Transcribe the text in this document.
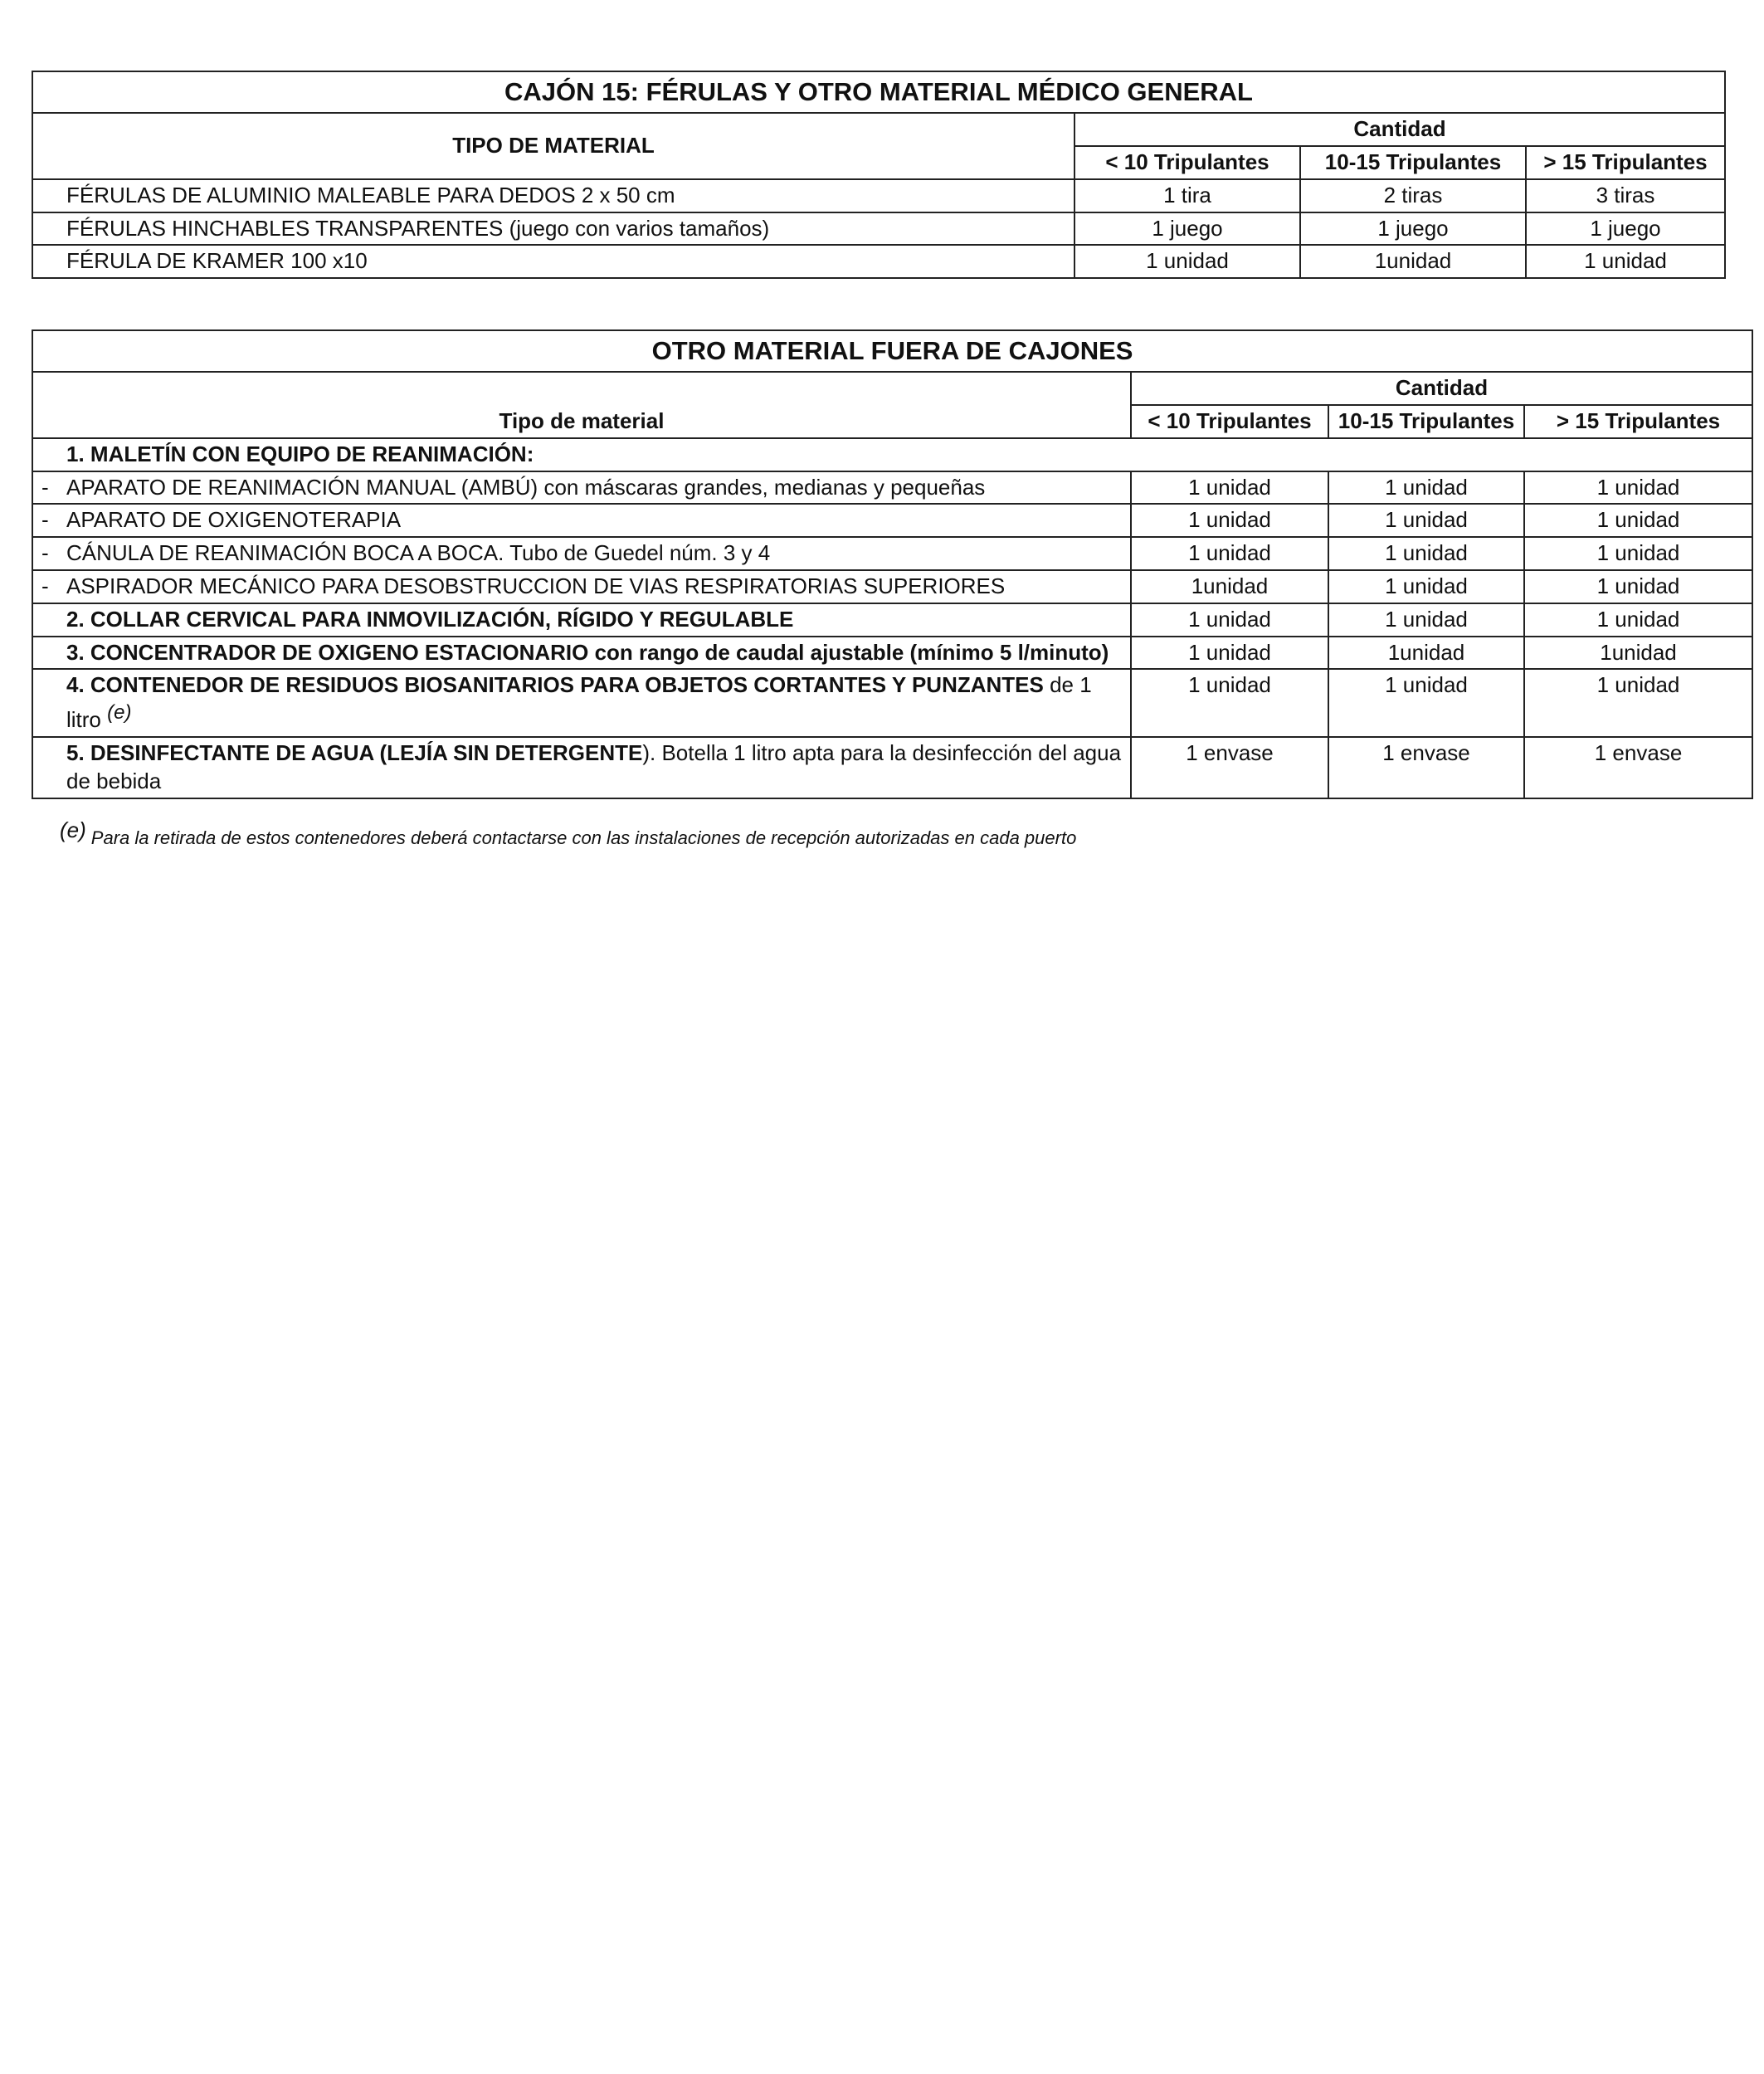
CAJÓN 15: FÉRULAS Y OTRO MATERIAL MÉDICO GENERAL			
TIPO DE MATERIAL	Cantidad		
	< 10 Tripulantes	10-15 Tripulantes	> 15 Tripulantes
FÉRULAS DE ALUMINIO MALEABLE PARA DEDOS 2 x 50 cm	1 tira	2 tiras	3 tiras
FÉRULAS HINCHABLES TRANSPARENTES (juego con varios tamaños)	1 juego	1 juego	1 juego
FÉRULA DE KRAMER 100 x10	1 unidad	1unidad	1 unidad
OTRO MATERIAL FUERA DE CAJONES			
Tipo de material	Cantidad		
	< 10 Tripulantes	10-15 Tripulantes	> 15 Tripulantes
1. MALETÍN CON EQUIPO DE REANIMACIÓN:			

- APARATO DE REANIMACIÓN MANUAL (AMBÚ) con máscaras grandes, medianas y pequeñas	1 unidad	1 unidad	1 unidad

- APARATO DE OXIGENOTERAPIA	1 unidad	1 unidad	1 unidad

- CÁNULA DE REANIMACIÓN BOCA A BOCA. Tubo de Guedel núm. 3 y 4	1 unidad	1 unidad	1 unidad

- ASPIRADOR MECÁNICO PARA DESOBSTRUCCION DE VIAS RESPIRATORIAS SUPERIORES	1unidad	1 unidad	1 unidad
2. COLLAR CERVICAL PARA INMOVILIZACIÓN, RÍGIDO Y REGULABLE	1 unidad	1 unidad	1 unidad
3. CONCENTRADOR DE OXIGENO ESTACIONARIO con rango de caudal ajustable (mínimo 5 l/minuto)	1 unidad	1unidad	1unidad
4. CONTENEDOR DE RESIDUOS BIOSANITARIOS PARA OBJETOS CORTANTES Y PUNZANTES de 1 litro (e)	1 unidad	1 unidad	1 unidad
5. DESINFECTANTE DE AGUA (LEJÍA SIN DETERGENTE). Botella 1 litro apta para la desinfección del agua de bebida	1 envase	1 envase	1 envase
(e) Para la retirada de estos contenedores deberá contactarse con las instalaciones de recepción autorizadas en cada puerto
